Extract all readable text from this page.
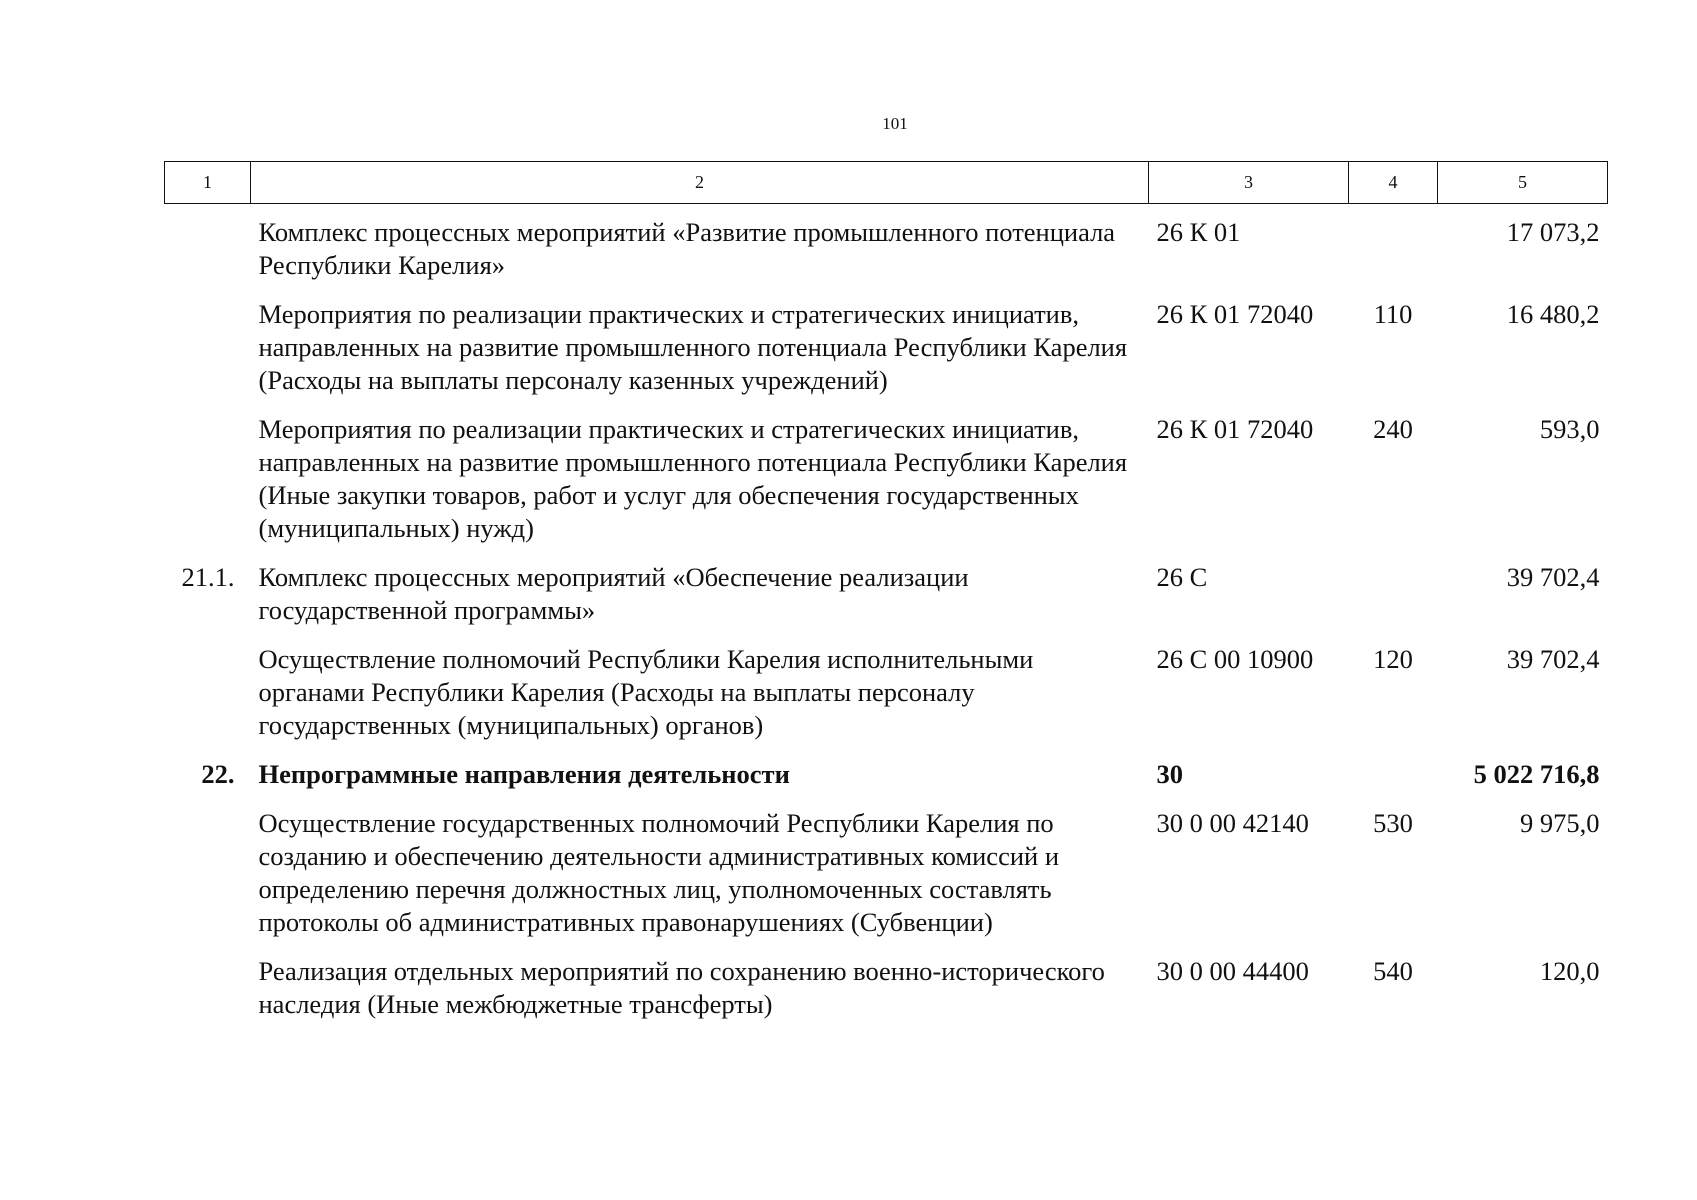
101
1	2	3	4	5
	Комплекс процессных мероприятий «Развитие промышленного потенциала Республики Карелия»	26 К 01		17 073,2
	Мероприятия по реализации практических и стратегических инициатив, направленных на развитие промышленного потенциала Республики Карелия (Расходы на выплаты персоналу казенных учреждений)	26 К 01 72040	110	16 480,2
	Мероприятия по реализации практических и стратегических инициатив, направленных на развитие промышленного потенциала Республики Карелия (Иные закупки товаров, работ и услуг для обеспечения государственных (муниципальных) нужд)	26 К 01 72040	240	593,0
21.1.	Комплекс процессных мероприятий «Обеспечение реализации государственной программы»	26 С		39 702,4
	Осуществление полномочий Республики Карелия исполнительными органами Республики Карелия (Расходы на выплаты персоналу государственных (муниципальных) органов)	26 С 00 10900	120	39 702,4
22.	Непрограммные направления деятельности	30		5 022 716,8
	Осуществление государственных полномочий Республики Карелия по созданию и обеспечению деятельности административных комиссий и определению перечня должностных лиц, уполномоченных составлять протоколы об административных правонарушениях (Субвенции)	30 0 00 42140	530	9 975,0
	Реализация отдельных мероприятий по сохранению военно-исторического наследия (Иные межбюджетные трансферты)	30 0 00 44400	540	120,0
